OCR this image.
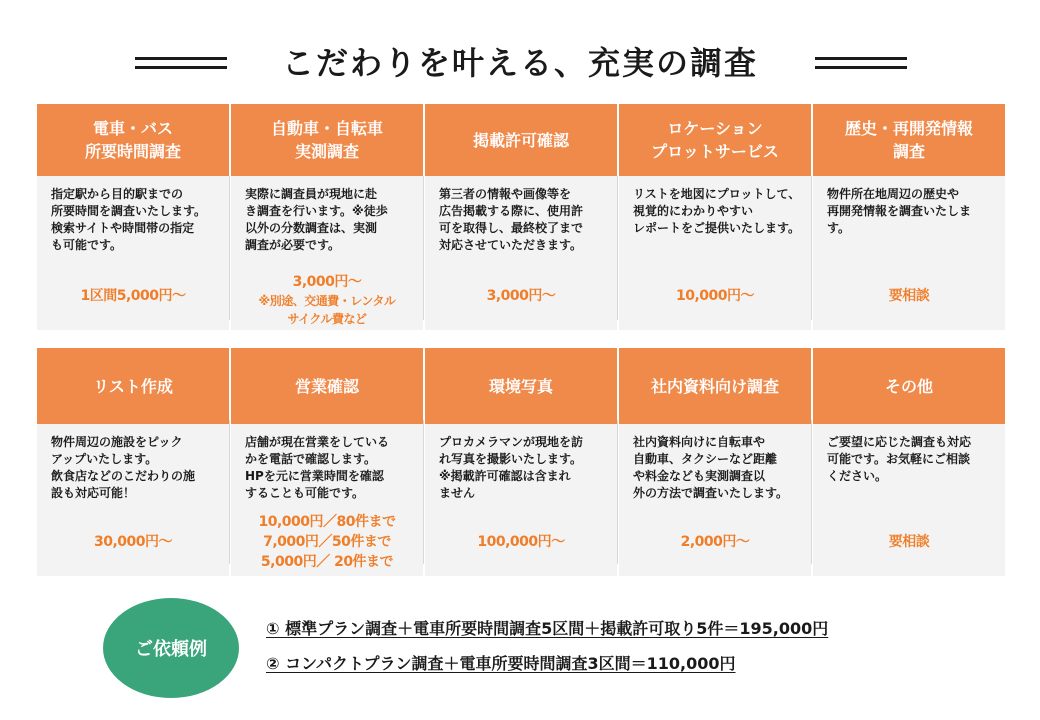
こだわりを叶える、充実の調査
電車・バス
所要時間調査
指定駅から目的駅までの
所要時間を調査いたします。
検索サイトや時間帯の指定
も可能です。
1区間5,000円～
自動車・自転車
実測調査
実際に調査員が現地に赴
き調査を行います。※徒歩
以外の分数調査は、実測
調査が必要です。
3,000円～
※別途、交通費・レンタル
サイクル費など
掲載許可確認
第三者の情報や画像等を
広告掲載する際に、使用許
可を取得し、最終校了まで
対応させていただきます。
3,000円～
ロケーション
プロットサービス
リストを地図にプロットして、
視覚的にわかりやすい
レポートをご提供いたします。
10,000円～
歴史・再開発情報
調査
物件所在地周辺の歴史や
再開発情報を調査いたしま
す。
要相談
リスト作成
物件周辺の施設をピック
アップいたします。
飲食店などのこだわりの施
設も対応可能！
30,000円～
営業確認
店舗が現在営業をしている
かを電話で確認します。
HPを元に営業時間を確認
することも可能です。
10,000円／80件まで
7,000円／50件まで
5,000円／ 20件まで
環境写真
プロカメラマンが現地を訪
れ写真を撮影いたします。
※掲載許可確認は含まれ
ません
100,000円～
社内資料向け調査
社内資料向けに自転車や
自動車、タクシーなど距離
や料金なども実測調査以
外の方法で調査いたします。
2,000円～
その他
ご要望に応じた調査も対応
可能です。お気軽にご相談
ください。
要相談
ご依頼例
① 標準プラン調査＋電車所要時間調査5区間＋掲載許可取り5件＝195,000円
② コンパクトプラン調査＋電車所要時間調査3区間＝110,000円
